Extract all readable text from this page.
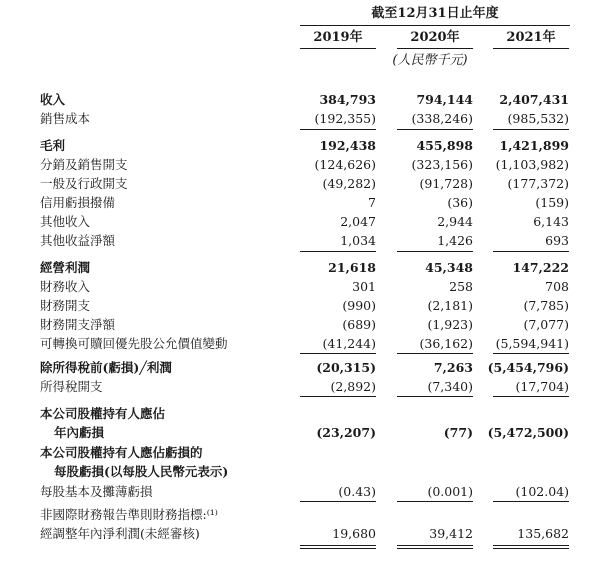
截至12月31日止年度
2019年	2020年	2021年
(人民幣千元)
收入	384,793	794,144	2,407,431
銷售成本	(192,355)	(338,246)	(985,532)
毛利	192,438	455,898	1,421,899
分銷及銷售開支	(124,626)	(323,156)	(1,103,982)
一般及行政開支	(49,282)	(91,728)	(177,372)
信用虧損撥備	7	(36)	(159)
其他收入	2,047	2,944	6,143
其他收益淨額	1,034	1,426	693
經營利潤	21,618	45,348	147,222
財務收入	301	258	708
財務開支	(990)	(2,181)	(7,785)
財務開支淨額	(689)	(1,923)	(7,077)
可轉換可贖回優先股公允價值變動	(41,244)	(36,162)	(5,594,941)
除所得稅前(虧損)╱利潤	(20,315)	7,263	(5,454,796)
所得稅開支	(2,892)	(7,340)	(17,704)
本公司股權持有人應佔
年內虧損	(23,207)	(77)	(5,472,500)
本公司股權持有人應佔虧損的
每股虧損(以每股人民幣元表示)
每股基本及攤薄虧損	(0.43)	(0.001)	(102.04)
非國際財務報告準則財務指標:⁽¹⁾
經調整年內淨利潤(未經審核)	19,680	39,412	135,682
